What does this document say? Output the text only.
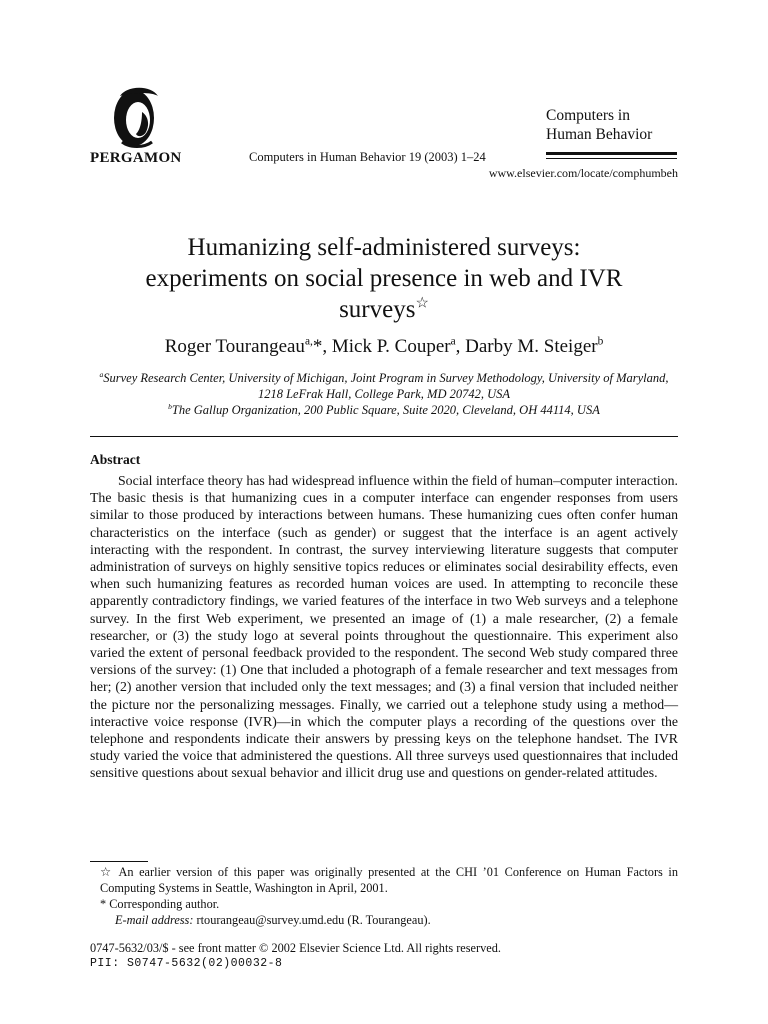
PERGAMON	Computers in Human Behavior 19 (2003) 1–24
Computers in
Human Behavior
www.elsevier.com/locate/comphumbeh
Humanizing self-administered surveys:
experiments on social presence in web and IVR
surveys☆
Roger Tourangeau$^{a,}$*, Mick P. Couper$^a$, Darby M. Steiger$^b$
$^a$Survey Research Center, University of Michigan, Joint Program in Survey Methodology, University of Maryland, 1218 LeFrak Hall, College Park, MD 20742, USA
$^b$The Gallup Organization, 200 Public Square, Suite 2020, Cleveland, OH 44114, USA
Abstract
Social interface theory has had widespread influence within the field of human–computer interaction. The basic thesis is that humanizing cues in a computer interface can engender responses from users similar to those produced by interactions between humans. These humanizing cues often confer human characteristics on the interface (such as gender) or suggest that the interface is an agent actively interacting with the respondent. In contrast, the survey interviewing literature suggests that computer administration of surveys on highly sensitive topics reduces or eliminates social desirability effects, even when such humanizing features as recorded human voices are used. In attempting to reconcile these apparently contradictory findings, we varied features of the interface in two Web surveys and a telephone survey. In the first Web experiment, we presented an image of (1) a male researcher, (2) a female researcher, or (3) the study logo at several points throughout the questionnaire. This experiment also varied the extent of personal feedback provided to the respondent. The second Web study compared three versions of the survey: (1) One that included a photograph of a female researcher and text messages from her; (2) another version that included only the text messages; and (3) a final version that included neither the picture nor the personalizing messages. Finally, we carried out a telephone study using a method—interactive voice response (IVR)—in which the computer plays a recording of the questions over the telephone and respondents indicate their answers by pressing keys on the telephone handset. The IVR study varied the voice that administered the questions. All three surveys used questionnaires that included sensitive questions about sexual behavior and illicit drug use and questions on gender-related attitudes.
☆ An earlier version of this paper was originally presented at the CHI ’01 Conference on Human Factors in Computing Systems in Seattle, Washington in April, 2001.
* Corresponding author.
E-mail address: rtourangeau@survey.umd.edu (R. Tourangeau).
0747-5632/03/$ - see front matter © 2002 Elsevier Science Ltd. All rights reserved.
PII: S0747-5632(02)00032-8
